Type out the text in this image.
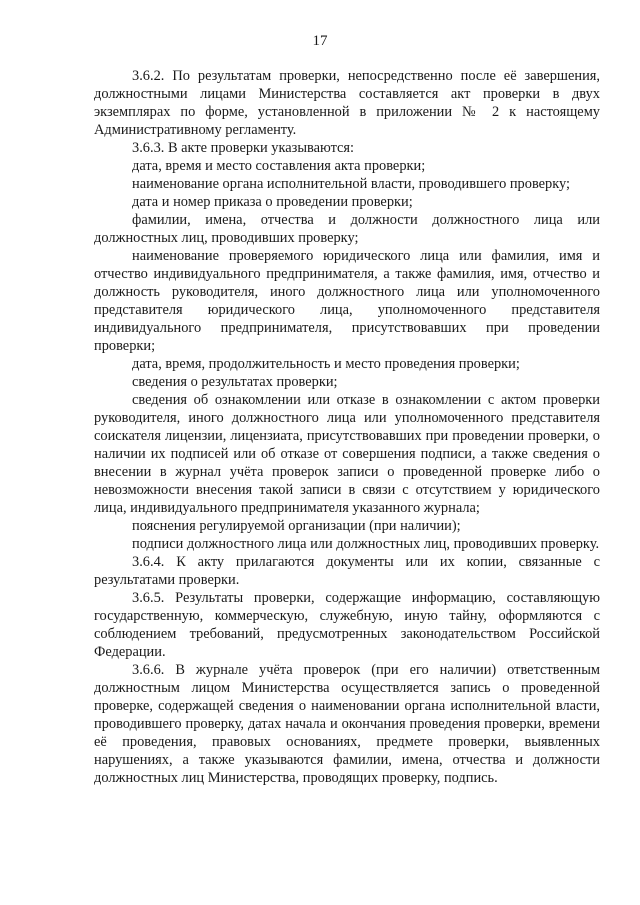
17

3.6.2. По результатам проверки, непосредственно после её завершения, должностными лицами Министерства составляется акт проверки в двух экземплярах по форме, установленной в приложении № 2 к настоящему Административному регламенту.

3.6.3. В акте проверки указываются:

дата, время и место составления акта проверки;

наименование органа исполнительной власти, проводившего проверку;

дата и номер приказа о проведении проверки;

фамилии, имена, отчества и должности должностного лица или должностных лиц, проводивших проверку;

наименование проверяемого юридического лица или фамилия, имя и отчество индивидуального предпринимателя, а также фамилия, имя, отчество и должность руководителя, иного должностного лица или уполномоченного представителя юридического лица, уполномоченного представителя индивидуального предпринимателя, присутствовавших при проведении проверки;

дата, время, продолжительность и место проведения проверки;

сведения о результатах проверки;

сведения об ознакомлении или отказе в ознакомлении с актом проверки руководителя, иного должностного лица или уполномоченного представителя соискателя лицензии, лицензиата, присутствовавших при проведении проверки, о наличии их подписей или об отказе от совершения подписи, а также сведения о внесении в журнал учёта проверок записи о проведенной проверке либо о невозможности внесения такой записи в связи с отсутствием у юридического лица, индивидуального предпринимателя указанного журнала;

пояснения регулируемой организации (при наличии);

подписи должностного лица или должностных лиц, проводивших проверку.

3.6.4. К акту прилагаются документы или их копии, связанные с результатами проверки.

3.6.5. Результаты проверки, содержащие информацию, составляющую государственную, коммерческую, служебную, иную тайну, оформляются с соблюдением требований, предусмотренных законодательством Российской Федерации.

3.6.6. В журнале учёта проверок (при его наличии) ответственным должностным лицом Министерства осуществляется запись о проведенной проверке, содержащей сведения о наименовании органа исполнительной власти, проводившего проверку, датах начала и окончания проведения проверки, времени её проведения, правовых основаниях, предмете проверки, выявленных нарушениях, а также указываются фамилии, имена, отчества и должности должностных лиц Министерства, проводящих проверку, подпись.
